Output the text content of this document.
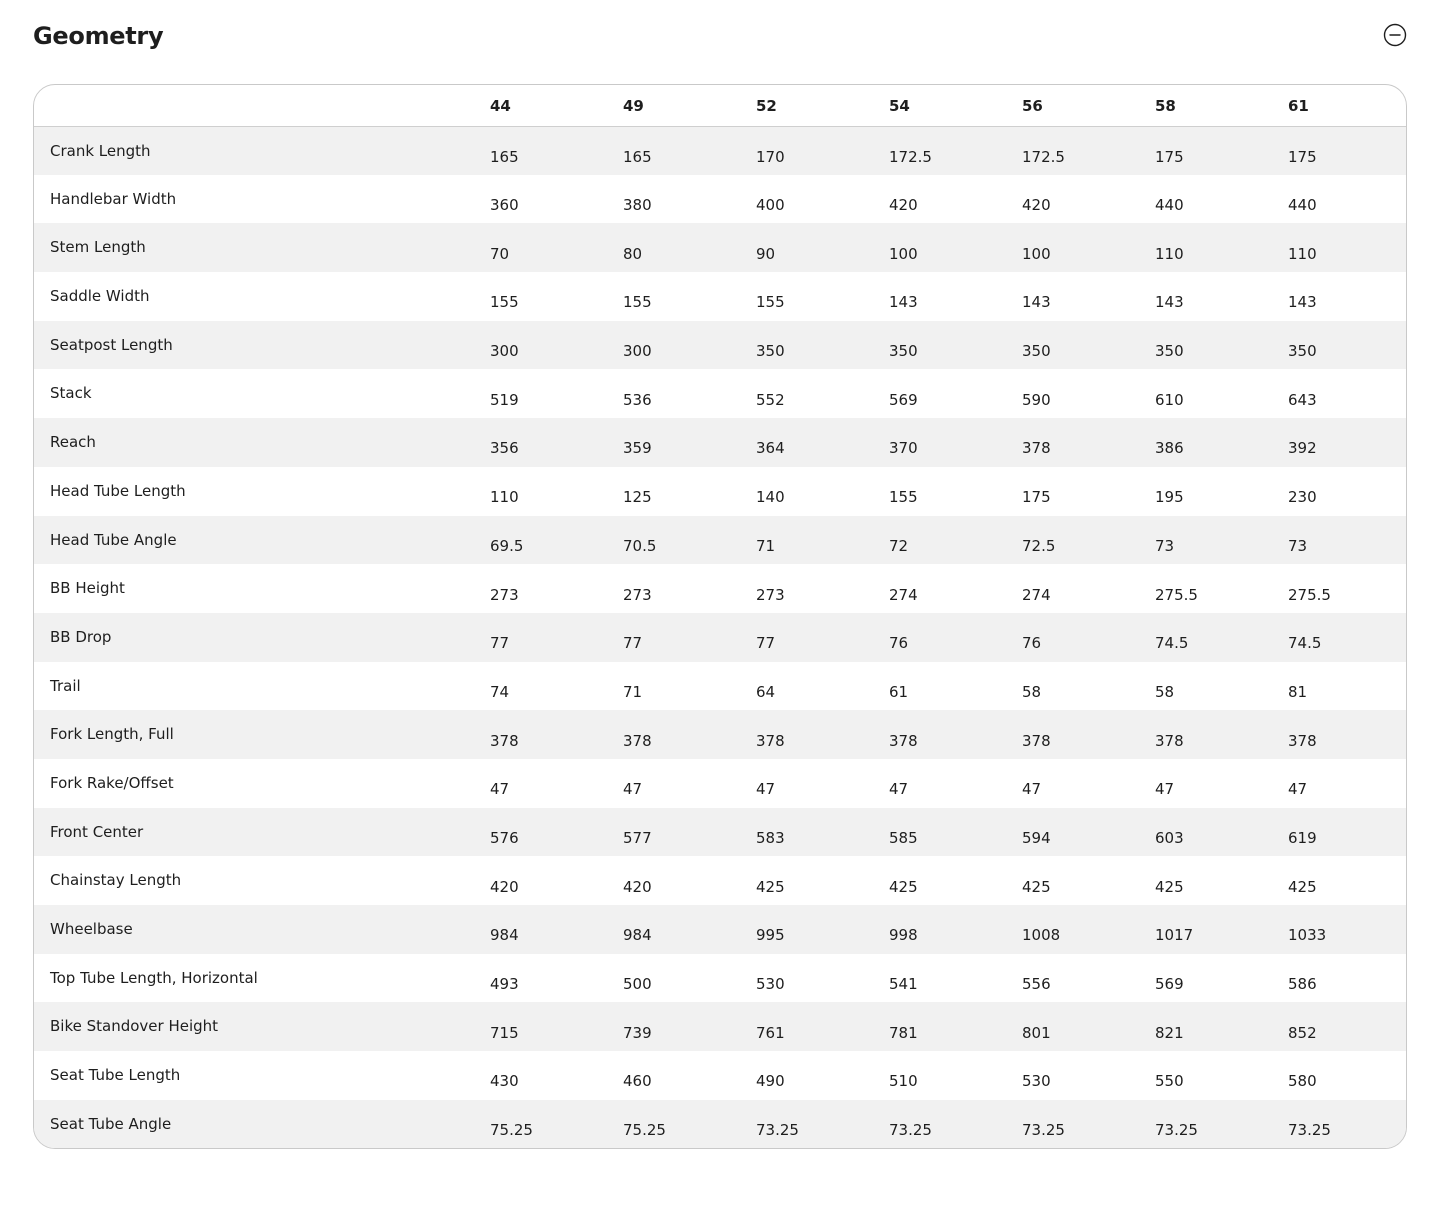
Geometry
	44	49	52	54	56	58	61
Crank Length	165	165	170	172.5	172.5	175	175
Handlebar Width	360	380	400	420	420	440	440
Stem Length	70	80	90	100	100	110	110
Saddle Width	155	155	155	143	143	143	143
Seatpost Length	300	300	350	350	350	350	350
Stack	519	536	552	569	590	610	643
Reach	356	359	364	370	378	386	392
Head Tube Length	110	125	140	155	175	195	230
Head Tube Angle	69.5	70.5	71	72	72.5	73	73
BB Height	273	273	273	274	274	275.5	275.5
BB Drop	77	77	77	76	76	74.5	74.5
Trail	74	71	64	61	58	58	81
Fork Length, Full	378	378	378	378	378	378	378
Fork Rake/Offset	47	47	47	47	47	47	47
Front Center	576	577	583	585	594	603	619
Chainstay Length	420	420	425	425	425	425	425
Wheelbase	984	984	995	998	1008	1017	1033
Top Tube Length, Horizontal	493	500	530	541	556	569	586
Bike Standover Height	715	739	761	781	801	821	852
Seat Tube Length	430	460	490	510	530	550	580
Seat Tube Angle	75.25	75.25	73.25	73.25	73.25	73.25	73.25
